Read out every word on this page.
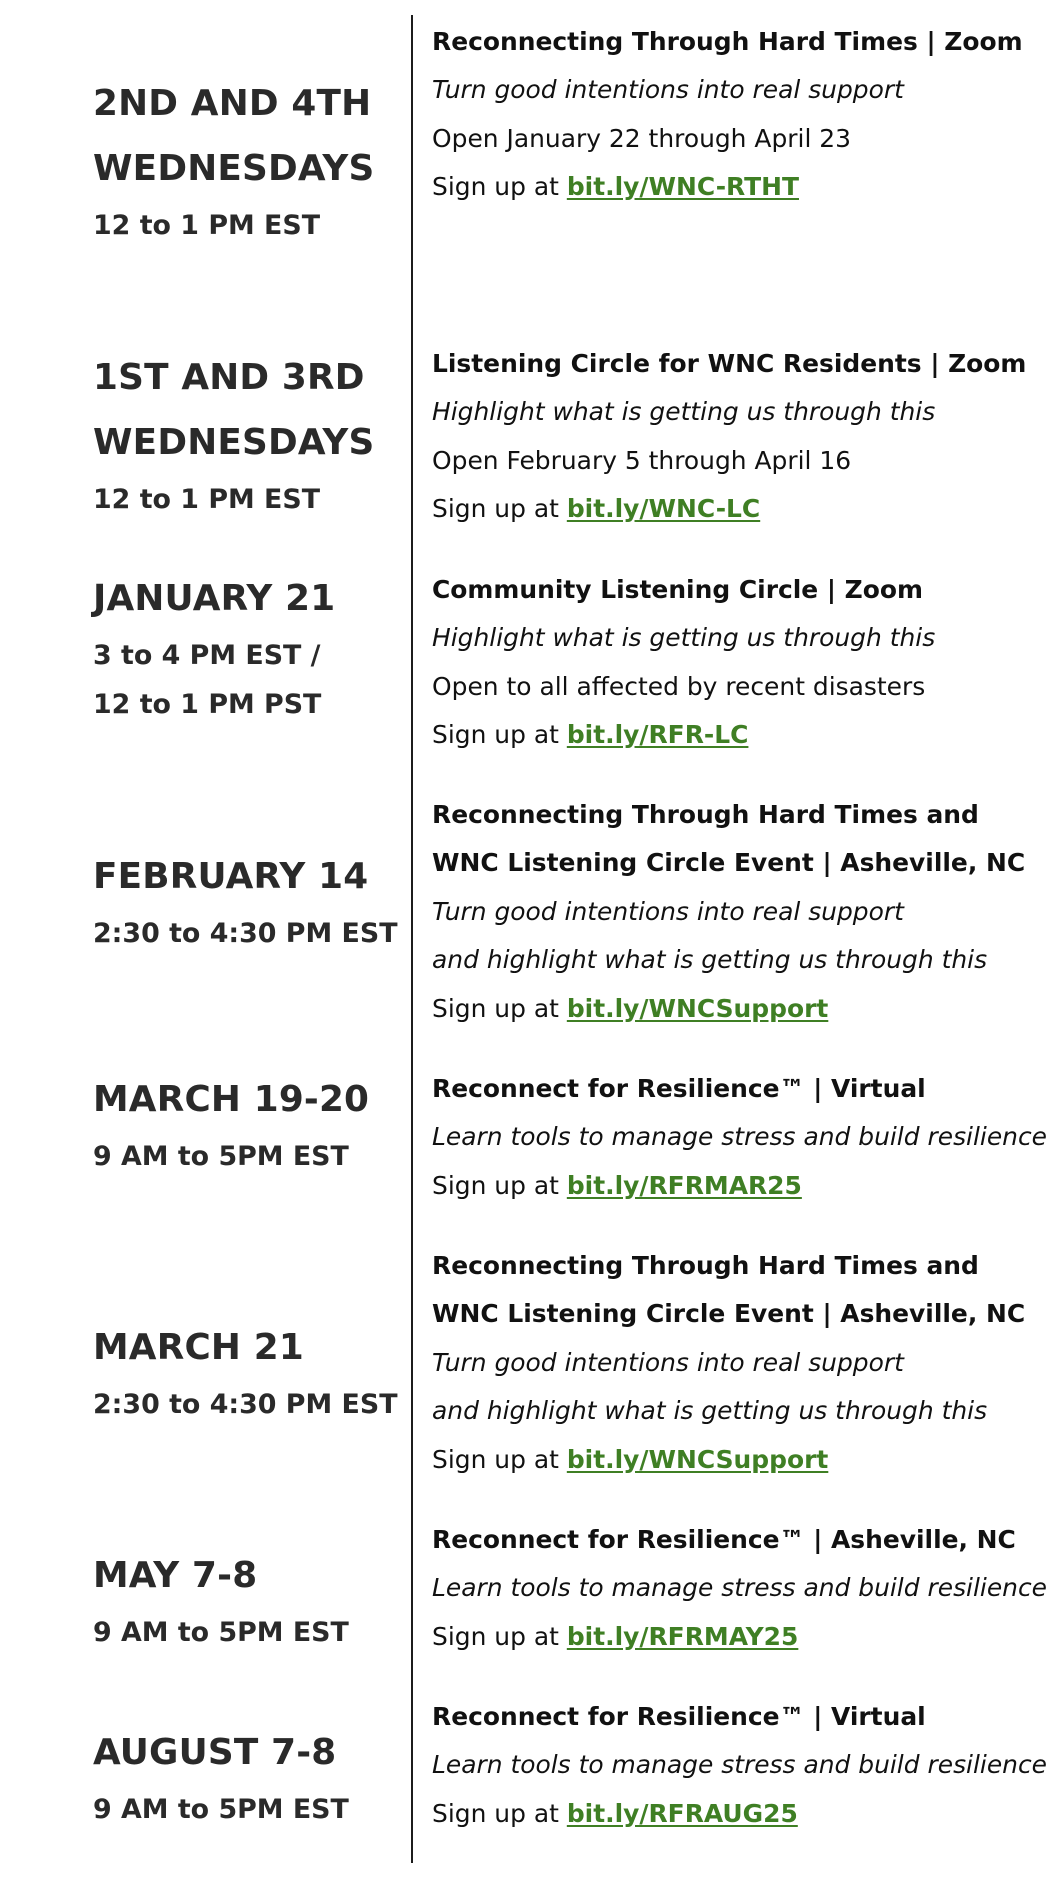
2ND AND 4TH
WEDNESDAYS
12 to 1 PM EST
Reconnecting Through Hard Times | Zoom
Turn good intentions into real support
Open January 22 through April 23
Sign up at bit.ly/WNC-RTHT
1ST AND 3RD
WEDNESDAYS
12 to 1 PM EST
Listening Circle for WNC Residents | Zoom
Highlight what is getting us through this
Open February 5 through April 16
Sign up at bit.ly/WNC-LC
JANUARY 21
3 to 4 PM EST /
12 to 1 PM PST
Community Listening Circle | Zoom
Highlight what is getting us through this
Open to all affected by recent disasters
Sign up at bit.ly/RFR-LC
FEBRUARY 14
2:30 to 4:30 PM EST
Reconnecting Through Hard Times and
WNC Listening Circle Event | Asheville, NC
Turn good intentions into real support
and highlight what is getting us through this
Sign up at bit.ly/WNCSupport
MARCH 19-20
9 AM to 5PM EST
Reconnect for Resilience™ | Virtual
Learn tools to manage stress and build resilience
Sign up at bit.ly/RFRMAR25
MARCH 21
2:30 to 4:30 PM EST
Reconnecting Through Hard Times and
WNC Listening Circle Event | Asheville, NC
Turn good intentions into real support
and highlight what is getting us through this
Sign up at bit.ly/WNCSupport
MAY 7-8
9 AM to 5PM EST
Reconnect for Resilience™ | Asheville, NC
Learn tools to manage stress and build resilience
Sign up at bit.ly/RFRMAY25
AUGUST 7-8
9 AM to 5PM EST
Reconnect for Resilience™ | Virtual
Learn tools to manage stress and build resilience
Sign up at bit.ly/RFRAUG25
